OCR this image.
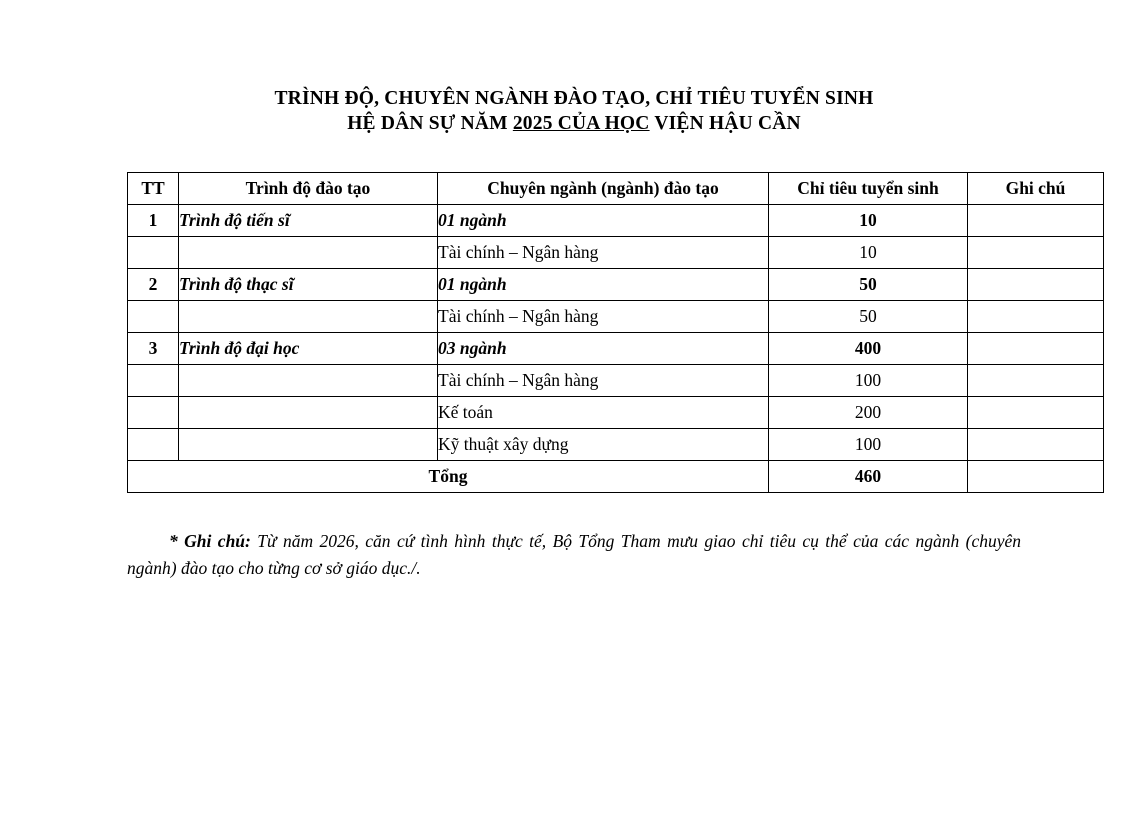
TRÌNH ĐỘ, CHUYÊN NGÀNH ĐÀO TẠO, CHỈ TIÊU TUYỂN SINH
HỆ DÂN SỰ NĂM 2025 CỦA HỌC VIỆN HẬU CẦN
TT	Trình độ đào tạo	Chuyên ngành (ngành) đào tạo	Chỉ tiêu tuyển sinh	Ghi chú
1	Trình độ tiến sĩ	01 ngành	10	
		Tài chính – Ngân hàng	10	
2	Trình độ thạc sĩ	01 ngành	50	
		Tài chính – Ngân hàng	50	
3	Trình độ đại học	03 ngành	400	
		Tài chính – Ngân hàng	100	
		Kế toán	200	
		Kỹ thuật xây dựng	100	
Tổng			460	
* Ghi chú: Từ năm 2026, căn cứ tình hình thực tế, Bộ Tổng Tham mưu giao chỉ tiêu cụ thể của các ngành (chuyên ngành) đào tạo cho từng cơ sở giáo dục./.
